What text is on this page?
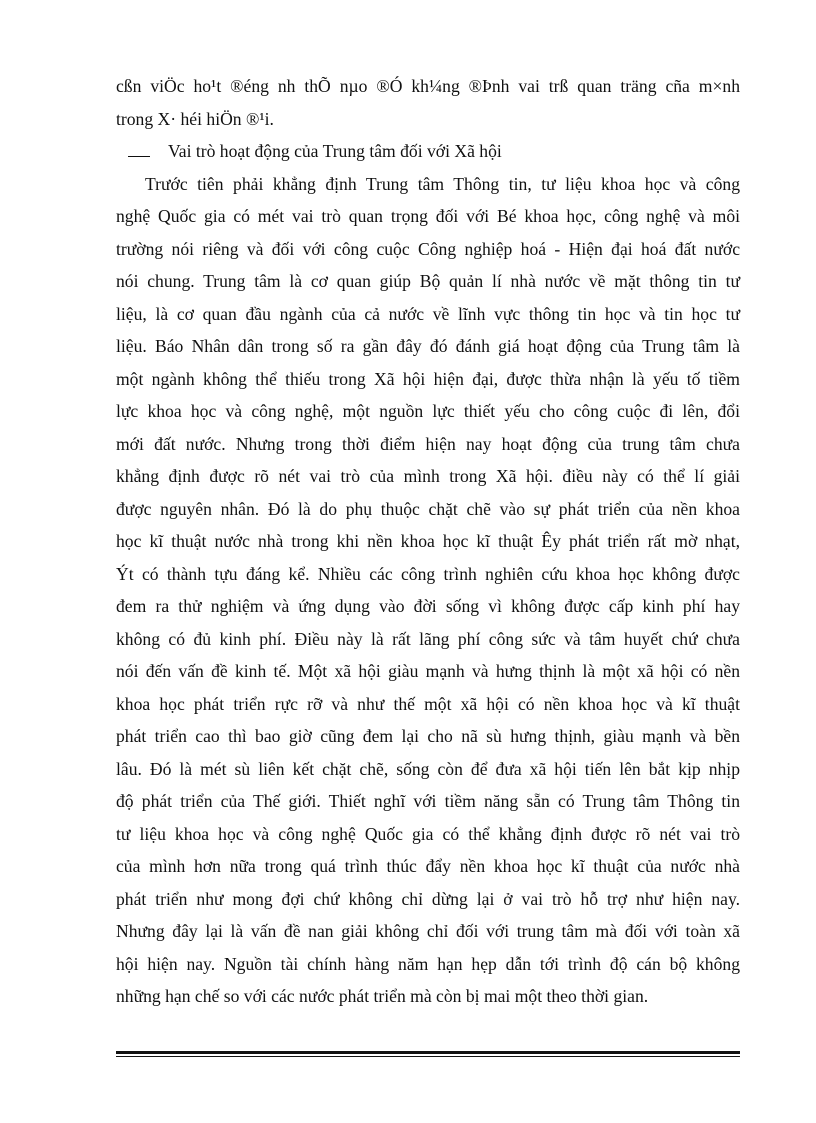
cßn viÖc ho¹t ®éng nh thÕ nµo ®Ó kh¼ng ®Þnh vai trß quan träng cña m×nh
trong X· héi hiÖn ®¹i.
Vai trò hoạt động của Trung tâm đối với Xã hội
Trước tiên phải khẳng định Trung tâm Thông tin, tư liệu khoa học và công
nghệ Quốc gia có mét vai trò quan trọng đối với Bé khoa học, công nghệ và môi
trường nói riêng và đối với công cuộc Công nghiệp hoá - Hiện đại hoá đất nước
nói chung. Trung tâm là cơ quan giúp Bộ quản lí nhà nước về mặt thông tin tư
liệu, là cơ quan đầu ngành của cả nước về lĩnh vực thông tin học và tin học tư
liệu. Báo Nhân dân trong số ra gần đây đó đánh giá hoạt động của Trung tâm là
một ngành không thể thiếu trong Xã hội hiện đại, được thừa nhận là yếu tố tiềm
lực khoa học và công nghệ, một nguồn lực thiết yếu cho công cuộc đi lên, đổi
mới đất nước. Nhưng trong thời điểm hiện nay hoạt động của trung tâm chưa
khẳng định được rõ nét vai trò của mình trong Xã hội. điều này có thể lí giải
được nguyên nhân. Đó là do phụ thuộc chặt chẽ vào sự phát triển của nền khoa
học kĩ thuật nước nhà trong khi nền khoa học kĩ thuật Êy phát triển rất mờ nhạt,
Ýt có thành tựu đáng kể. Nhiều các công trình nghiên cứu khoa học không được
đem ra thử nghiệm và ứng dụng vào đời sống vì không được cấp kinh phí hay
không có đủ kinh phí. Điều này là rất lãng phí công sức và tâm huyết chứ chưa
nói đến vấn đề kinh tế. Một xã hội giàu mạnh và hưng thịnh là một xã hội có nền
khoa học phát triển rực rỡ và như thế một xã hội có nền khoa học và kĩ thuật
phát triển cao thì bao giờ cũng đem lại cho nã sù hưng thịnh, giàu mạnh và bền
lâu. Đó là mét sù liên kết chặt chẽ, sống còn để đưa xã hội tiến lên bắt kịp nhịp
độ phát triển của Thế giới. Thiết nghĩ với tiềm năng sẵn có Trung tâm Thông tin
tư liệu khoa học và công nghệ Quốc gia có thể khẳng định được rõ nét vai trò
của mình hơn nữa trong quá trình thúc đẩy nền khoa học kĩ thuật của nước nhà
phát triển như mong đợi chứ không chỉ dừng lại ở vai trò hỗ trợ như hiện nay.
Nhưng đây lại là vấn đề nan giải không chỉ đối với trung tâm mà đối với toàn xã
hội hiện nay. Nguồn tài chính hàng năm hạn hẹp dẫn tới trình độ cán bộ không
những hạn chế so với các nước phát triển mà còn bị mai một theo thời gian.
